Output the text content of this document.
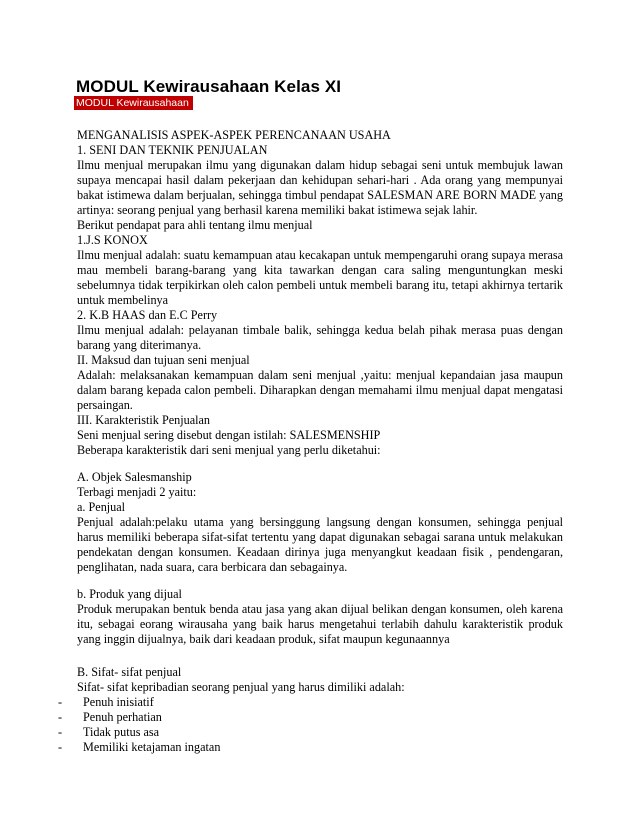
MODUL Kewirausahaan Kelas XI
MODUL Kewirausahaan

MENGANALISIS ASPEK-ASPEK PERENCANAAN USAHA

1. SENI DAN TEKNIK PENJUALAN

Ilmu menjual merupakan ilmu yang digunakan dalam hidup sebagai seni untuk membujuk lawan supaya mencapai hasil dalam pekerjaan dan kehidupan sehari-hari . Ada orang yang mempunyai bakat istimewa dalam berjualan, sehingga timbul pendapat SALESMAN ARE BORN MADE yang artinya: seorang penjual yang berhasil karena memiliki bakat istimewa sejak lahir.

Berikut pendapat para ahli tentang ilmu menjual

1.J.S KONOX

Ilmu menjual adalah: suatu kemampuan atau kecakapan untuk mempengaruhi orang supaya merasa mau membeli barang-barang yang kita tawarkan dengan cara saling menguntungkan meski sebelumnya tidak terpikirkan oleh calon pembeli untuk membeli barang itu, tetapi akhirnya tertarik untuk membelinya

2. K.B HAAS dan E.C Perry

Ilmu menjual adalah: pelayanan timbale balik, sehingga kedua belah pihak merasa puas dengan barang yang diterimanya.

II. Maksud dan tujuan seni menjual

Adalah: melaksanakan kemampuan dalam seni menjual ,yaitu: menjual kepandaian jasa maupun dalam barang kepada calon pembeli. Diharapkan dengan memahami ilmu menjual dapat mengatasi persaingan.

III. Karakteristik Penjualan

Seni menjual sering disebut dengan istilah: SALESMENSHIP

Beberapa karakteristik dari seni menjual yang perlu diketahui:

A. Objek Salesmanship

Terbagi menjadi 2 yaitu:

a. Penjual

Penjual adalah:pelaku utama yang bersinggung langsung dengan konsumen, sehingga penjual harus memiliki beberapa sifat-sifat tertentu yang dapat digunakan sebagai sarana untuk melakukan pendekatan dengan konsumen. Keadaan dirinya juga menyangkut keadaan fisik , pendengaran, penglihatan, nada suara, cara berbicara dan sebagainya.

b. Produk yang dijual

Produk merupakan bentuk benda atau jasa yang akan dijual belikan dengan konsumen, oleh karena itu, sebagai eorang wirausaha yang baik harus mengetahui terlabih dahulu karakteristik produk yang inggin dijualnya, baik dari keadaan produk, sifat maupun kegunaannya

B. Sifat- sifat penjual

Sifat- sifat kepribadian seorang penjual yang harus dimiliki adalah:

- Penuh inisiatif

- Penuh perhatian

- Tidak putus asa

- Memiliki ketajaman ingatan
